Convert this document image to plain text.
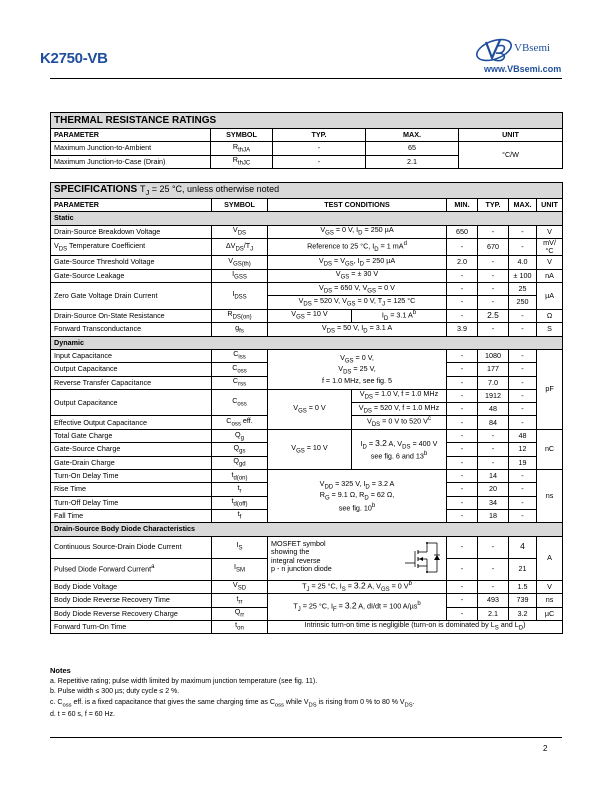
K2750-VB
VBsemi
www.VBsemi.com
THERMAL RESISTANCE RATINGS				
PARAMETER	SYMBOL	TYP.	MAX.	UNIT
Maximum Junction-to-Ambient	$R_{thJA}$	-	65	°C/W
Maximum Junction-to-Case (Drain)	$R_{thJC}$	-	2.1	
SPECIFICATIONS $T_J = 25$ °C, unless otherwise noted							
PARAMETER	SYMBOL	TEST CONDITIONS		MIN.	TYP.	MAX.	UNIT
Static							
Drain-Source Breakdown Voltage	$V_{DS}$	$V_{GS} = 0$ V, $I_D = 250$ µA		650	-	-	V
$V_{DS}$ Temperature Coefficient	$\Delta V_{DS}/T_J$	Reference to 25 °C, $I_D = 1$ $mA^d$		-	670	-	mV/°C
Gate-Source Threshold Voltage	$V_{GS(th)}$	$V_{DS} = V_{GS}$, $I_D = 250$ µA		2.0	-	4.0	V
Gate-Source Leakage	$I_{GSS}$	$V_{GS}$ = ± 30 V		-	-	± 100	nA
Zero Gate Voltage Drain Current	$I_{DSS}$	$V_{DS} = 650$ V, $V_{GS} = 0$ V		-	-	25	µA
		$V_{DS} = 520$ V, $V_{GS} = 0$ V, $T_J = 125$ °C		-	-	250	
Drain-Source On-State Resistance	$R_{DS(on)}$	$V_{GS} = 10$ V	$I_D = 3.1$ $A^b$	-	2.5	-	Ω
Forward Transconductance	$g_{fs}$	$V_{DS} = 50$ V, $I_D = 3.1$ A		3.9	-	-	S
Dynamic							
Input Capacitance	$C_{iss}$	$V_{GS} = 0$ V,
$V_{DS} = 25$ V,
f = 1.0 MHz, see fig. 5		-	1080	-	pF
Output Capacitance	$C_{oss}$			-	177	-	
Reverse Transfer Capacitance	$C_{rss}$			-	7.0	-	
Output Capacitance	$C_{oss}$	$V_{GS} = 0$ V	$V_{DS} = 1.0$ V, f = 1.0 MHz	-	1912	-	
			$V_{DS} = 520$ V, f = 1.0 MHz	-	48	-	
Effective Output Capacitance	$C_{oss}$ eff.		$V_{DS} = 0$ V to 520 $V^c$	-	84	-	
Total Gate Charge	$Q_g$	$V_{GS} = 10$ V	$I_D = 3.2$ A, $V_{DS} = 400$ V
see fig. 6 and 13$^b$	-	-	48	nC
Gate-Source Charge	$Q_{gs}$			-	-	12	
Gate-Drain Charge	$Q_{gd}$			-	-	19	
Turn-On Delay Time	$t_{d(on)}$	$V_{DD} = 325$ V, $I_D = 3.2$ A
$R_G = 9.1$ Ω, $R_D = 62$ Ω,
see fig. 10$^b$		-	14	-	ns
Rise Time	$t_r$			-	20	-	
Turn-Off Delay Time	$t_{d(off)}$			-	34	-	
Fall Time	$t_f$			-	18	-	
Drain-Source Body Diode Characteristics							
Continuous Source-Drain Diode Current	$I_S$	MOSFET symbol
showing the
integral reverse
p - n junction diode		-	-	4	A
Pulsed Diode Forward Current$^a$	$I_{SM}$			-	-	21	
Body Diode Voltage	$V_{SD}$	$T_J = 25$ °C, $I_S = 3.2$ A, $V_{GS} = 0$ $V^b$		-	-	1.5	V
Body Diode Reverse Recovery Time	$t_{rr}$	$T_J = 25$ °C, $I_F = 3.2$ A, dI/dt = 100 A/µs$^b$		-	493	739	ns
Body Diode Reverse Recovery Charge	$Q_{rr}$			-	2.1	3.2	µC
Forward Turn-On Time	$t_{on}$	Intrinsic turn-on time is negligible (turn-on is dominated by $L_S$ and $L_D$)					
Notes
a. Repetitive rating; pulse width limited by maximum junction temperature (see fig. 11).
b. Pulse width ≤ 300 µs; duty cycle ≤ 2 %.
c. $C_{oss}$ eff. is a fixed capacitance that gives the same charging time as $C_{oss}$ while $V_{DS}$ is rising from 0 % to 80 % $V_{DS}$.
d. t = 60 s, f = 60 Hz.
2
